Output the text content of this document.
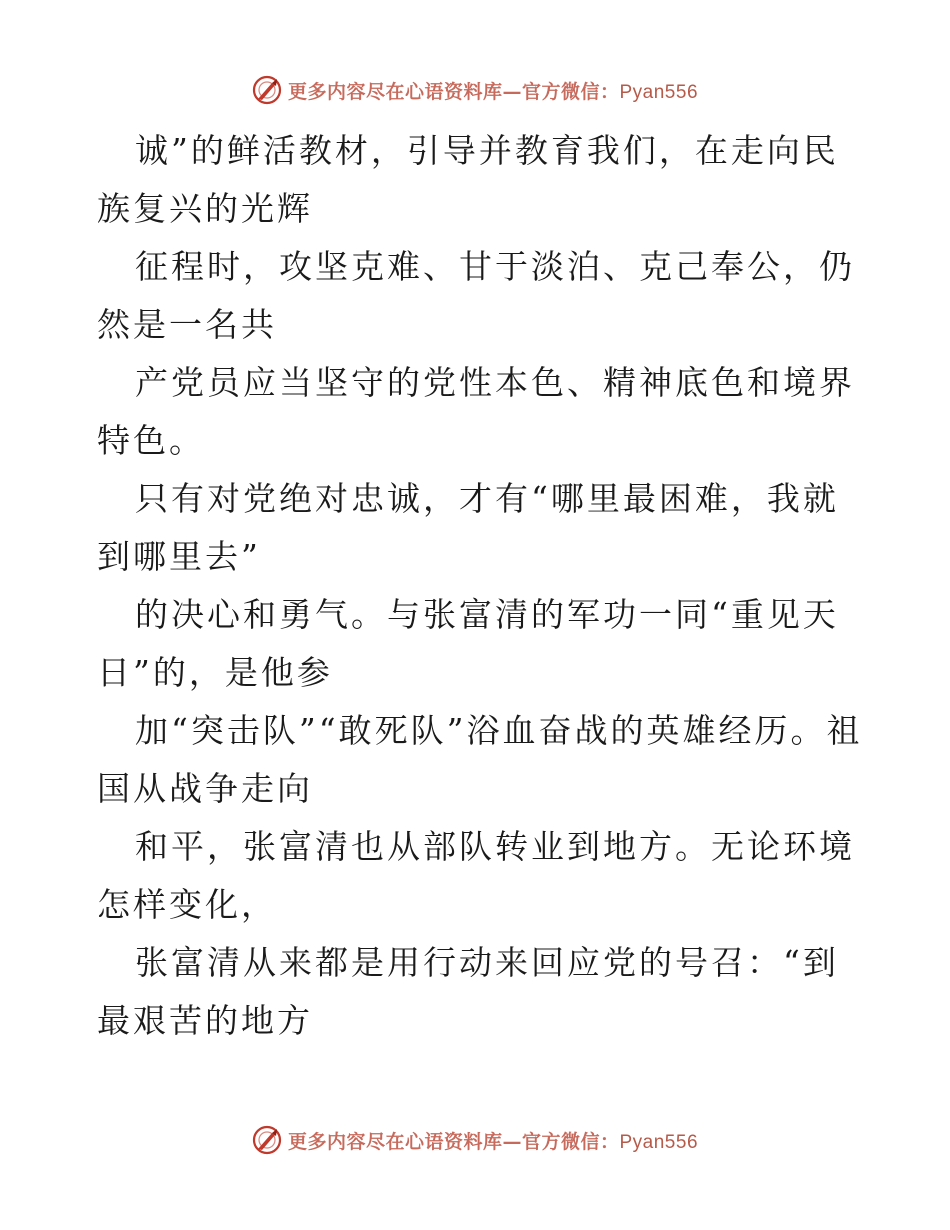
更多内容尽在心语资料库—官方微信：Pyan556

诚”的鲜活教材，引导并教育我们，在走向民族复兴的光辉

征程时，攻坚克难、甘于淡泊、克己奉公，仍然是一名共

产党员应当坚守的党性本色、精神底色和境界特色。

只有对党绝对忠诚，才有“哪里最困难，我就到哪里去”

的决心和勇气。与张富清的军功一同“重见天日”的，是他参

加“突击队”“敢死队”浴血奋战的英雄经历。祖国从战争走向

和平，张富清也从部队转业到地方。无论环境怎样变化，

张富清从来都是用行动来回应党的号召：“到最艰苦的地方

更多内容尽在心语资料库—官方微信：Pyan556
